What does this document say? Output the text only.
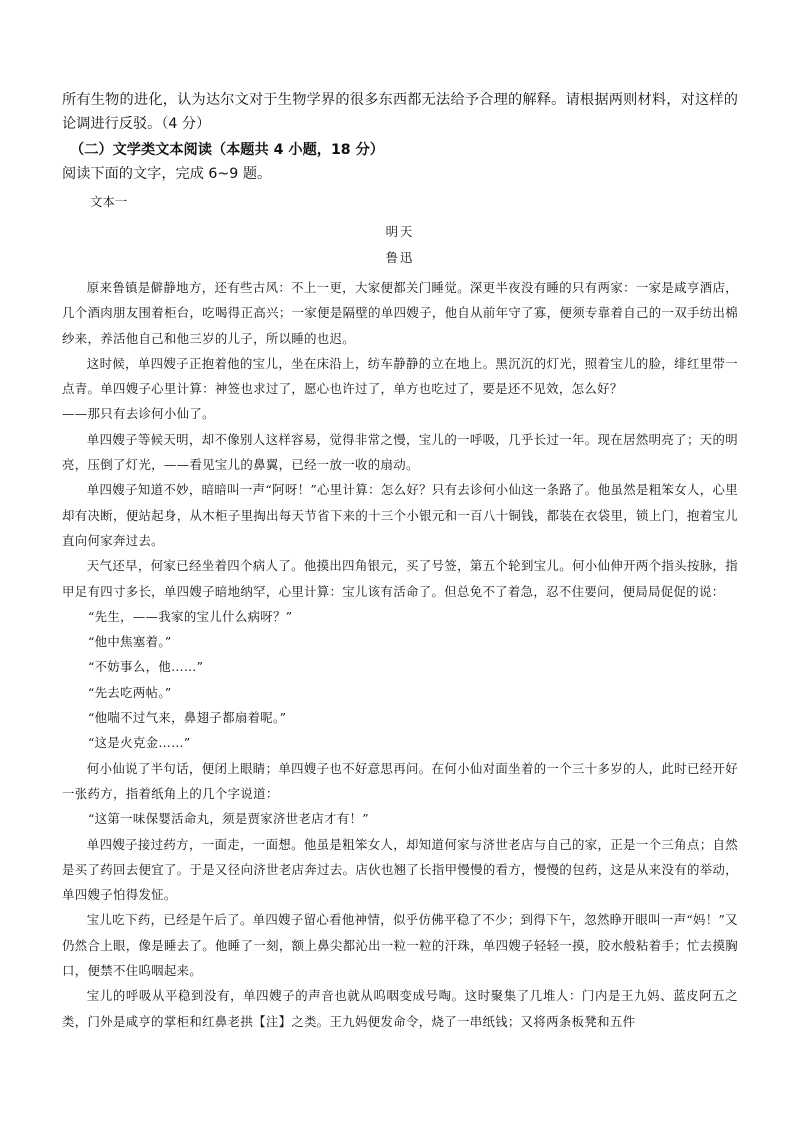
所有生物的进化，认为达尔文对于生物学界的很多东西都无法给予合理的解释。请根据两则材料，对这样的论调进行反驳。（4 分）

（二）文学类文本阅读（本题共 4 小题，18 分）

阅读下面的文字，完成 6~9 题。

文本一

明天

鲁迅

原来鲁镇是僻静地方，还有些古风：不上一更，大家便都关门睡觉。深更半夜没有睡的只有两家：一家是咸亨酒店，几个酒肉朋友围着柜台，吃喝得正高兴；一家便是隔壁的单四嫂子，他自从前年守了寡，便须专靠着自己的一双手纺出棉纱来，养活他自己和他三岁的儿子，所以睡的也迟。

这时候，单四嫂子正抱着他的宝儿，坐在床沿上，纺车静静的立在地上。黑沉沉的灯光，照着宝儿的脸，绯红里带一点青。单四嫂子心里计算：神签也求过了，愿心也许过了，单方也吃过了，要是还不见效，怎么好？

——那只有去诊何小仙了。

单四嫂子等候天明，却不像别人这样容易，觉得非常之慢，宝儿的一呼吸，几乎长过一年。现在居然明亮了；天的明亮，压倒了灯光，——看见宝儿的鼻翼，已经一放一收的扇动。

单四嫂子知道不妙，暗暗叫一声“阿呀！”心里计算：怎么好？只有去诊何小仙这一条路了。他虽然是粗笨女人，心里却有决断，便站起身，从木柜子里掏出每天节省下来的十三个小银元和一百八十铜钱，都装在衣袋里，锁上门，抱着宝儿直向何家奔过去。

天气还早，何家已经坐着四个病人了。他摸出四角银元，买了号签，第五个轮到宝儿。何小仙伸开两个指头按脉，指甲足有四寸多长，单四嫂子暗地纳罕，心里计算：宝儿该有活命了。但总免不了着急，忍不住要问，便局局促促的说：

“先生，——我家的宝儿什么病呀？”

“他中焦塞着。”

“不妨事么，他……”

“先去吃两帖。”

“他喘不过气来，鼻翅子都扇着呢。”

“这是火克金……”

何小仙说了半句话，便闭上眼睛；单四嫂子也不好意思再问。在何小仙对面坐着的一个三十多岁的人，此时已经开好一张药方，指着纸角上的几个字说道：

“这第一味保婴活命丸，须是贾家济世老店才有！”

单四嫂子接过药方，一面走，一面想。他虽是粗笨女人，却知道何家与济世老店与自己的家，正是一个三角点；自然是买了药回去便宜了。于是又径向济世老店奔过去。店伙也翘了长指甲慢慢的看方，慢慢的包药，这是从来没有的举动，单四嫂子怕得发怔。

宝儿吃下药，已经是午后了。单四嫂子留心看他神情，似乎仿佛平稳了不少；到得下午，忽然睁开眼叫一声“妈！”又仍然合上眼，像是睡去了。他睡了一刻，额上鼻尖都沁出一粒一粒的汗珠，单四嫂子轻轻一摸，胶水般粘着手；忙去摸胸口，便禁不住呜咽起来。

宝儿的呼吸从平稳到没有，单四嫂子的声音也就从呜咽变成号啕。这时聚集了几堆人：门内是王九妈、蓝皮阿五之类，门外是咸亨的掌柜和红鼻老拱【注】之类。王九妈便发命令，烧了一串纸钱；又将两条板凳和五件
